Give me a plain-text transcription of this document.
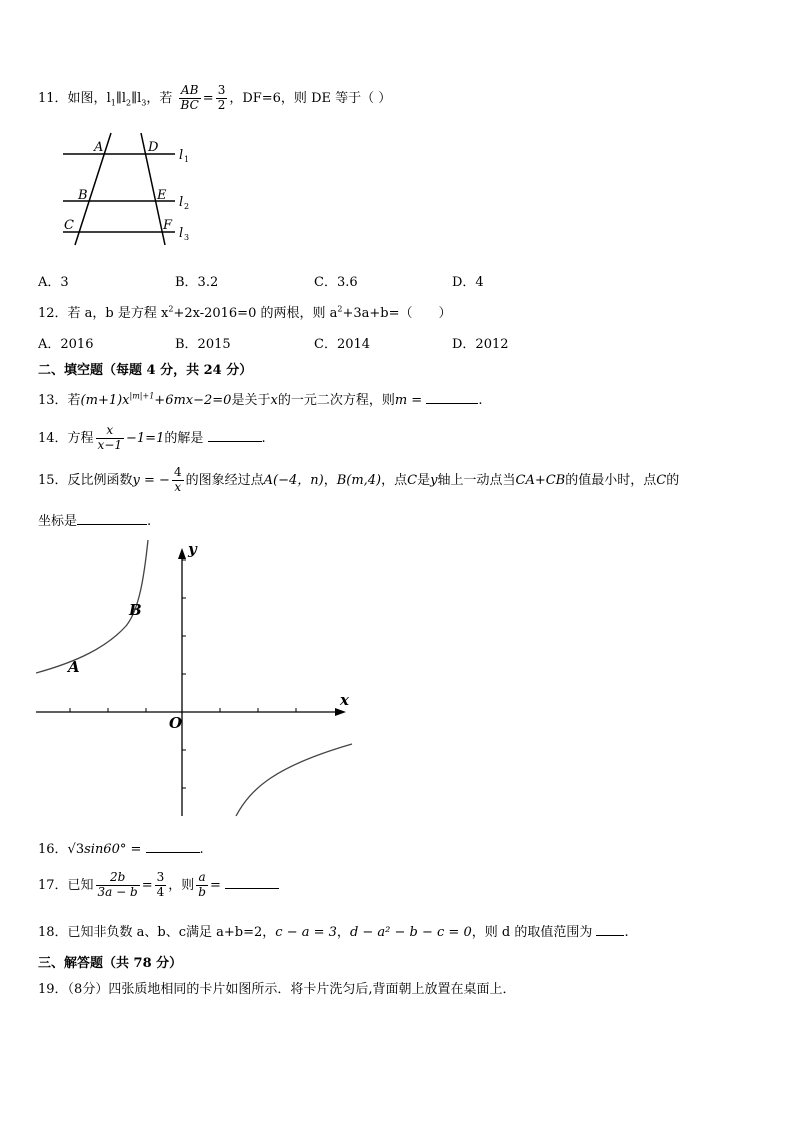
11．如图，$l_1\parallel l_2\parallel l_3$，若 $\frac{AB}{BC} = \frac{3}{2}$ ，DF=6，则 DE 等于（ ）
A	D
B	E
C	F
l 1
l 2
l 3
A．3	B．3.2	C．3.6	D．4
12．若 a，b 是方程 $x^2+2x-2016=0$ 的两根，则 $a^2+3a+b=$（　　）
A．2016	B．2015	C．2014	D．2012
二、填空题（每题 4 分，共 24 分）
13．若$(m+1)x^{|m|+1}+6mx-2=0$是关于x的一元二次方程，则m =	.
14．方程 $\frac{x}{x-1} -1=1$的解是	.
15．反比例函数y = − $\frac{4}{x}$ 的图象经过点A(−4，n)，B(m,4)，点C是y轴上一动点当CA+CB的值最小时，点C的
坐标是	.
x
y
O
A
B
16．√3sin60° =	.
17．已知 $\frac{2b}{3a - b} = \frac{3}{4}$ ，则 $\frac{a}{b}$ =
18．已知非负数 a、b、c满足 a+b=2，c − a = 3，d − a² − b − c = 0，则 d 的取值范围为 .
三、解答题（共 78 分）
19．（8分）四张质地相同的卡片如图所示．将卡片洗匀后,背面朝上放置在桌面上．
